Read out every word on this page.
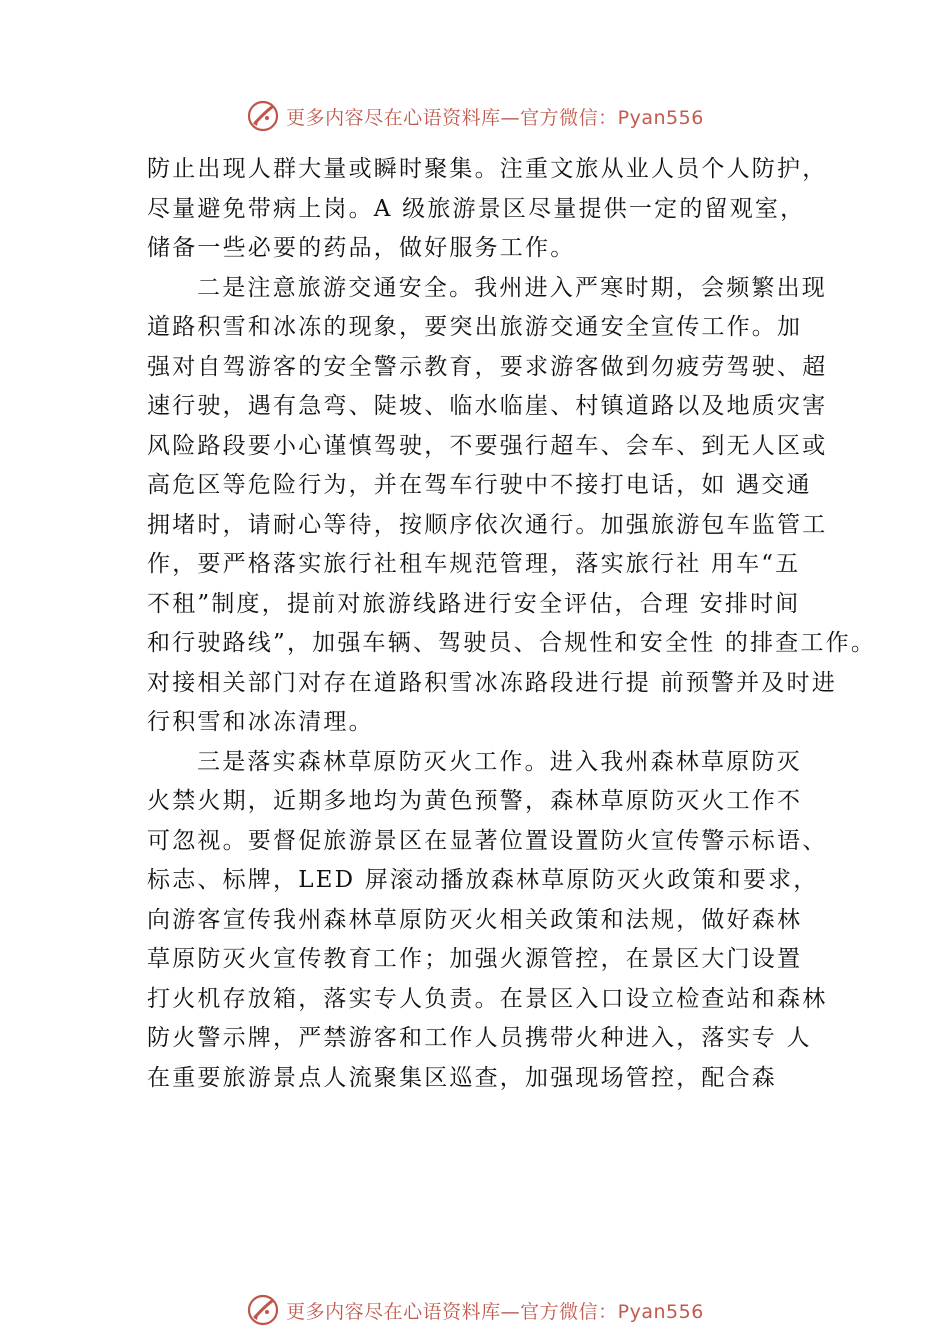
更多内容尽在心语资料库—官方微信：Pyan556
防止出现人群大量或瞬时聚集。注重文旅从业人员个人防护，
尽量避免带病上岗。A 级旅游景区尽量提供一定的留观室，
储备一些必要的药品，做好服务工作。
二是注意旅游交通安全。我州进入严寒时期，会频繁出现
道路积雪和冰冻的现象，要突出旅游交通安全宣传工作。加
强对自驾游客的安全警示教育，要求游客做到勿疲劳驾驶、超
速行驶，遇有急弯、陡坡、临水临崖、村镇道路以及地质灾害
风险路段要小心谨慎驾驶，不要强行超车、会车、到无人区或
高危区等危险行为，并在驾车行驶中不接打电话，如 遇交通
拥堵时，请耐心等待，按顺序依次通行。加强旅游包车监管工
作，要严格落实旅行社租车规范管理，落实旅行社 用车“五
不租”制度，提前对旅游线路进行安全评估，合理 安排时间
和行驶路线”，加强车辆、驾驶员、合规性和安全性 的排查工作。
对接相关部门对存在道路积雪冰冻路段进行提 前预警并及时进
行积雪和冰冻清理。
三是落实森林草原防灭火工作。进入我州森林草原防灭
火禁火期，近期多地均为黄色预警，森林草原防灭火工作不
可忽视。要督促旅游景区在显著位置设置防火宣传警示标语、
标志、标牌，LED 屏滚动播放森林草原防灭火政策和要求，
向游客宣传我州森林草原防灭火相关政策和法规，做好森林
草原防灭火宣传教育工作；加强火源管控，在景区大门设置
打火机存放箱，落实专人负责。在景区入口设立检查站和森林
防火警示牌，严禁游客和工作人员携带火种进入，落实专 人
在重要旅游景点人流聚集区巡查，加强现场管控，配合森
更多内容尽在心语资料库—官方微信：Pyan556
